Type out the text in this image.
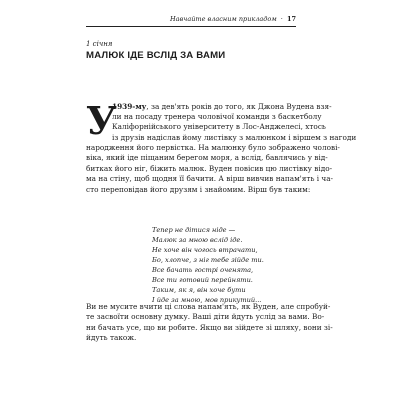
Навчайте власним прикладом · 17
1 січня
МАЛЮК ІДЕ ВСЛІД ЗА ВАМИ
У
1939-му, за дев'ять років до того, як Джона Вудена взя-
ли на посаду тренера чоловічої команди з баскетболу
Каліфорнійського університету в Лос-Анджелесі, хтось
із друзів надіслав йому листівку з малюнком і віршем з нагоди
народження його первістка. На малюнку було зображено чолові-
віка, який іде піщаним берегом моря, а вслід, бавлячись у від-
битках його ніг, біжить малюк. Вуден повісив цю листівку відо-
ма на стіну, щоб щодня її бачити. А вірш вивчив напам'ять і ча-
сто переповідав його друзям і знайомим. Вірш був таким:
Тепер не дітися ніде —
Малюк за мною вслід іде.
Не хоче він чогось втрачати,
Бо, хлопче, з ніг тебе зійде ти.
Все бачать гострі оченята,
Все ти готовий перейняти.
Таким, як я, він хоче бути
І йде за мною, мов прикутий...
Ви не мусите вчити ці слова напам'ять, як Вуден, але спробуй-
те засвоїти основну думку. Ваші діти йдуть услід за вами. Во-
ни бачать усе, що ви робите. Якщо ви зійдете зі шляху, вони зі-
йдуть також.
